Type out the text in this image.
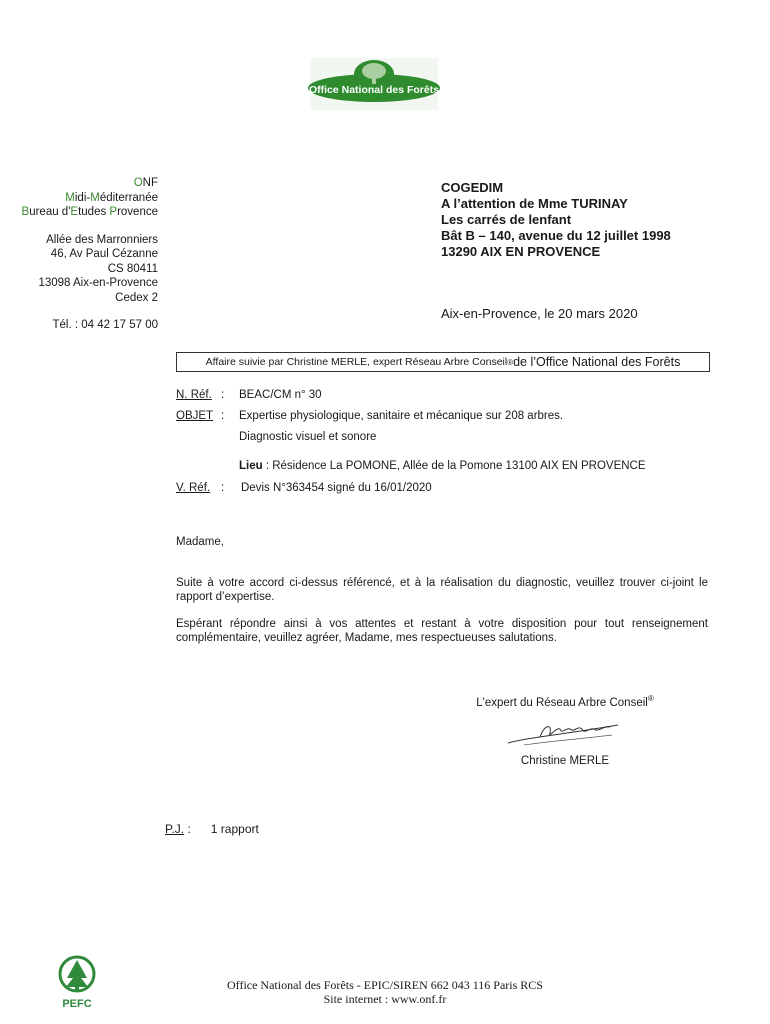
Office National des Forêts
ONF
Midi-Méditerranée
Bureau d'Etudes Provence
Allée des Marronniers
46, Av Paul Cézanne
CS 80411
13098 Aix-en-Provence
Cedex 2
Tél. : 04 42 17 57 00
COGEDIM
A l’attention de Mme TURINAY
Les carrés de lenfant
Bât B – 140, avenue du 12 juillet 1998
13290 AIX EN PROVENCE
Aix-en-Provence, le 20 mars 2020
Affaire suivie par Christine MERLE, expert Réseau Arbre Conseil ® de l’Office National des Forêts
N. Réf. : BEAC/CM n° 30
OBJET : Expertise physiologique, sanitaire et mécanique sur 208 arbres.
Diagnostic visuel et sonore
Lieu : Résidence La POMONE, Allée de la Pomone 13100 AIX EN PROVENCE
V. Réf. : Devis N°363454 signé du 16/01/2020

Madame,

Suite à votre accord ci-dessus référencé, et à la réalisation du diagnostic, veuillez trouver ci-joint le rapport d’expertise.

Espérant répondre ainsi à vos attentes et restant à votre disposition pour tout renseignement complémentaire, veuillez agréer, Madame, mes respectueuses salutations.

L'expert du Réseau Arbre Conseil®
Christine MERLE
P.J. : 1 rapport
PEFC
Office National des Forêts - EPIC/SIREN 662 043 116 Paris RCS
Site internet : www.onf.fr
